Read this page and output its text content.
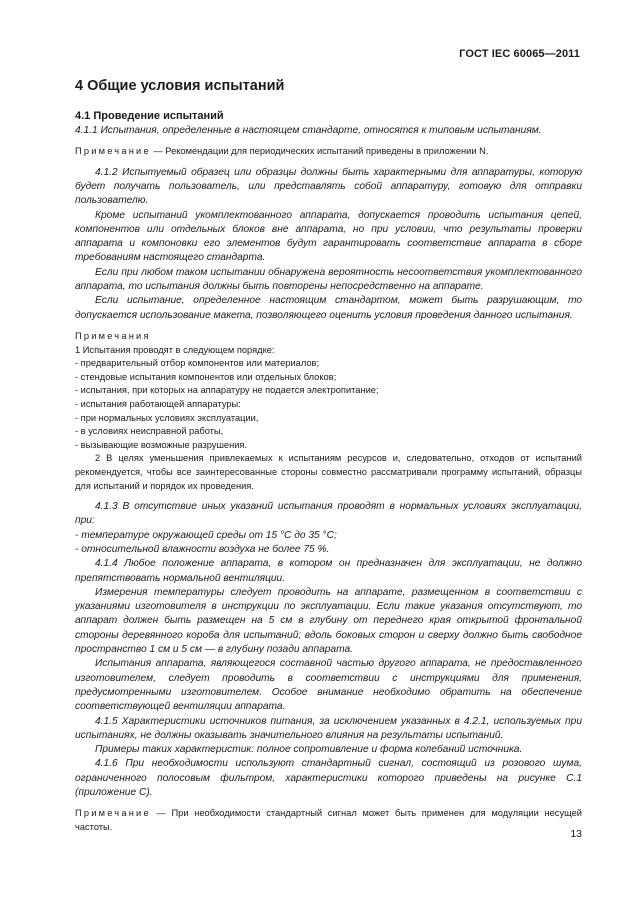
ГОСТ IEC 60065—2011
4 Общие условия испытаний
4.1 Проведение испытаний

4.1.1 Испытания, определенные в настоящем стандарте, относятся к типовым испытаниям.

Примечание — Рекомендации для периодических испытаний приведены в приложении N.

4.1.2 Испытуемый образец или образцы должны быть характерными для аппаратуры, которую будет получать пользователь, или представлять собой аппаратуру, готовую для отправки пользователю.

Кроме испытаний укомплектованного аппарата, допускается проводить испытания цепей, компонентов или отдельных блоков вне аппарата, но при условии, что результаты проверки аппарата и компоновки его элементов будут гарантировать соответствие аппарата в сборе требованиям настоящего стандарта.

Если при любом таком испытании обнаружена вероятность несоответствия укомплектованного аппарата, то испытания должны быть повторены непосредственно на аппарате.

Если испытание, определенное настоящим стандартом, может быть разрушающим, то допускается использование макета, позволяющего оценить условия проведения данного испытания.

Примечания

1 Испытания проводят в следующем порядке:

- предварительный отбор компонентов или материалов;

- стендовые испытания компонентов или отдельных блоков;

- испытания, при которых на аппаратуру не подается электропитание;

- испытания работающей аппаратуры:

- при нормальных условиях эксплуатации,

- в условиях неисправной работы,

- вызывающие возможные разрушения.

2 В целях уменьшения привлекаемых к испытаниям ресурсов и, следовательно, отходов от испытаний рекомендуется, чтобы все заинтересованные стороны совместно рассматривали программу испытаний, образцы для испытаний и порядок их проведения.

4.1.3 В отсутствие иных указаний испытания проводят в нормальных условиях эксплуатации, при:

- температуре окружающей среды от 15 °С до 35 °С;

- относительной влажности воздуха не более 75 %.

4.1.4 Любое положение аппарата, в котором он предназначен для эксплуатации, не должно препятствовать нормальной вентиляции.

Измерения температуры следует проводить на аппарате, размещенном в соответствии с указаниями изготовителя в инструкции по эксплуатации. Если такие указания отсутствуют, то аппарат должен быть размещен на 5 см в глубину от переднего края открытой фронтальной стороны деревянного короба для испытаний; вдоль боковых сторон и сверху должно быть свободное пространство 1 см и 5 см — в глубину позади аппарата.

Испытания аппарата, являющегося составной частью другого аппарата, не предоставленного изготовителем, следует проводить в соответствии с инструкциями для применения, предусмотренными изготовителем. Особое внимание необходимо обратить на обеспечение соответствующей вентиляции аппарата.

4.1.5 Характеристики источников питания, за исключением указанных в 4.2.1, используемых при испытаниях, не должны оказывать значительного влияния на результаты испытаний.

Примеры таких характеристик: полное сопротивление и форма колебаний источника.

4.1.6 При необходимости используют стандартный сигнал, состоящий из розового шума, ограниченного полосовым фильтром, характеристики которого приведены на рисунке С.1 (приложение С).

Примечание — При необходимости стандартный сигнал может быть применен для модуляции несущей частоты.

13
